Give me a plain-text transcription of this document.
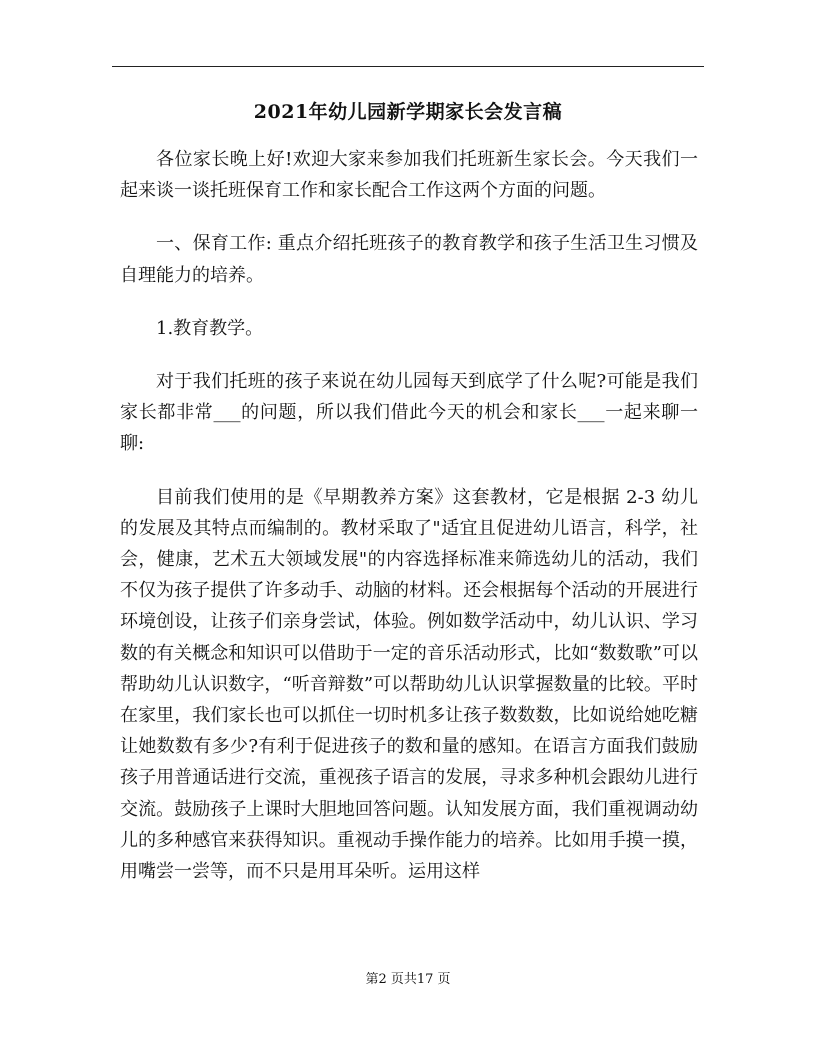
2021年幼儿园新学期家长会发言稿

各位家长晚上好!欢迎大家来参加我们托班新生家长会。今天我们一起来谈一谈托班保育工作和家长配合工作这两个方面的问题。

一、保育工作: 重点介绍托班孩子的教育教学和孩子生活卫生习惯及自理能力的培养。

1.教育教学。

对于我们托班的孩子来说在幼儿园每天到底学了什么呢?可能是我们家长都非常___的问题，所以我们借此今天的机会和家长___一起来聊一聊:

目前我们使用的是《早期教养方案》这套教材，它是根据 2-3 幼儿的发展及其特点而编制的。教材采取了"适宜且促进幼儿语言，科学，社会，健康，艺术五大领域发展"的内容选择标准来筛选幼儿的活动，我们不仅为孩子提供了许多动手、动脑的材料。还会根据每个活动的开展进行环境创设，让孩子们亲身尝试，体验。例如数学活动中，幼儿认识、学习数的有关概念和知识可以借助于一定的音乐活动形式，比如“数数歌”可以帮助幼儿认识数字，“听音辩数”可以帮助幼儿认识掌握数量的比较。平时在家里，我们家长也可以抓住一切时机多让孩子数数数，比如说给她吃糖让她数数有多少?有利于促进孩子的数和量的感知。在语言方面我们鼓励孩子用普通话进行交流，重视孩子语言的发展，寻求多种机会跟幼儿进行交流。鼓励孩子上课时大胆地回答问题。认知发展方面，我们重视调动幼儿的多种感官来获得知识。重视动手操作能力的培养。比如用手摸一摸，用嘴尝一尝等，而不只是用耳朵听。运用这样

第2 页共17 页
